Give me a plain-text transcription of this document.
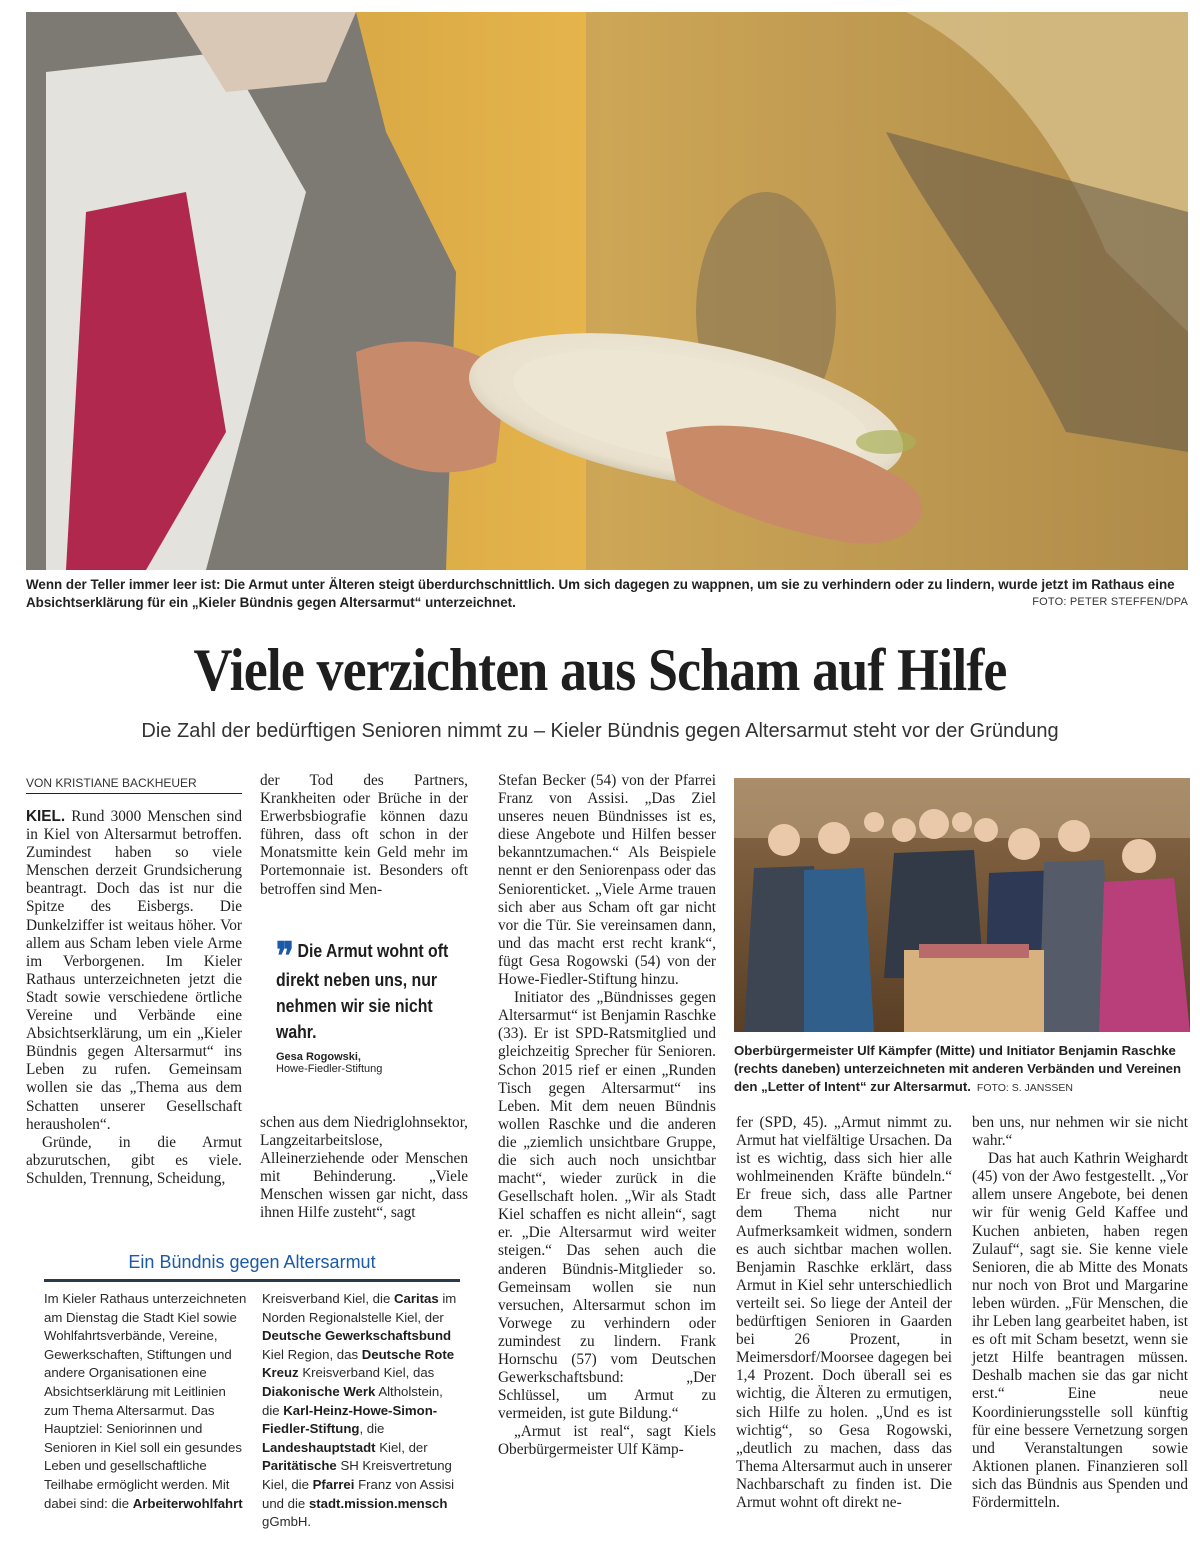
Wenn der Teller immer leer ist: Die Armut unter Älteren steigt überdurchschnittlich. Um sich dagegen zu wappnen, um sie zu verhindern oder zu lindern, wurde jetzt im Rathaus eine Absichtserklärung für ein „Kieler Bündnis gegen Altersarmut“ unterzeichnet.	FOTO: PETER STEFFEN/DPA
Viele verzichten aus Scham auf Hilfe
Die Zahl der bedürftigen Senioren nimmt zu – Kieler Bündnis gegen Altersarmut steht vor der Gründung
VON KRISTIANE BACKHEUER

KIEL. Rund 3000 Menschen sind in Kiel von Altersarmut betroffen. Zumindest haben so viele Menschen derzeit Grundsicherung beantragt. Doch das ist nur die Spitze des Eisbergs. Die Dunkelziffer ist weitaus höher. Vor allem aus Scham leben viele Arme im Verborgenen. Im Kieler Rathaus unterzeichneten jetzt die Stadt sowie verschiedene örtliche Vereine und Verbände eine Absichtserklärung, um ein „Kieler Bündnis gegen Altersarmut“ ins Leben zu rufen. Gemeinsam wollen sie das „Thema aus dem Schatten unserer Gesellschaft herausholen“.

Gründe, in die Armut abzurutschen, gibt es viele. Schulden, Trennung, Scheidung,

der Tod des Partners, Krankheiten oder Brüche in der Erwerbsbiografie können dazu führen, dass oft schon in der Monatsmitte kein Geld mehr im Portemonnaie ist. Besonders oft betroffen sind Men-

❞ Die Armut wohnt oft direkt neben uns, nur nehmen wir sie nicht wahr.
Gesa Rogowski,
Howe-Fiedler-Stiftung

schen aus dem Niedriglohnsektor, Langzeitarbeitslose, Alleinerziehende oder Menschen mit Behinderung. „Viele Menschen wissen gar nicht, dass ihnen Hilfe zusteht“, sagt

Stefan Becker (54) von der Pfarrei Franz von Assisi. „Das Ziel unseres neuen Bündnisses ist es, diese Angebote und Hilfen besser bekanntzumachen.“ Als Beispiele nennt er den Seniorenpass oder das Seniorenticket. „Viele Arme trauen sich aber aus Scham oft gar nicht vor die Tür. Sie vereinsamen dann, und das macht erst recht krank“, fügt Gesa Rogowski (54) von der Howe-Fiedler-Stiftung hinzu.

Initiator des „Bündnisses gegen Altersarmut“ ist Benjamin Raschke (33). Er ist SPD-Ratsmitglied und gleichzeitig Sprecher für Senioren. Schon 2015 rief er einen „Runden Tisch gegen Altersarmut“ ins Leben. Mit dem neuen Bündnis wollen Raschke und die anderen die „ziemlich unsichtbare Gruppe, die sich auch noch unsichtbar macht“, wieder zurück in die Gesellschaft holen. „Wir als Stadt Kiel schaffen es nicht allein“, sagt er. „Die Altersarmut wird weiter steigen.“ Das sehen auch die anderen Bündnis-Mitglieder so. Gemeinsam wollen sie nun versuchen, Altersarmut schon im Vorwege zu verhindern oder zumindest zu lindern. Frank Hornschu (57) vom Deutschen Gewerkschaftsbund: „Der Schlüssel, um Armut zu vermeiden, ist gute Bildung.“

„Armut ist real“, sagt Kiels Oberbürgermeister Ulf Kämp-

Oberbürgermeister Ulf Kämpfer (Mitte) und Initiator Benjamin Raschke (rechts daneben) unterzeichneten mit anderen Verbänden und Vereinen den „Letter of Intent“ zur Altersarmut. FOTO: S. JANSSEN

fer (SPD, 45). „Armut nimmt zu. Armut hat vielfältige Ursachen. Da ist es wichtig, dass sich hier alle wohlmeinenden Kräfte bündeln.“ Er freue sich, dass alle Partner dem Thema nicht nur Aufmerksamkeit widmen, sondern es auch sichtbar machen wollen. Benjamin Raschke erklärt, dass Armut in Kiel sehr unterschiedlich verteilt sei. So liege der Anteil der bedürftigen Senioren in Gaarden bei 26 Prozent, in Meimersdorf/Moorsee dagegen bei 1,4 Prozent. Doch überall sei es wichtig, die Älteren zu ermutigen, sich Hilfe zu holen. „Und es ist wichtig“, so Gesa Rogowski, „deutlich zu machen, dass das Thema Altersarmut auch in unserer Nachbarschaft zu finden ist. Die Armut wohnt oft direkt ne-

ben uns, nur nehmen wir sie nicht wahr.“

Das hat auch Kathrin Weighardt (45) von der Awo festgestellt. „Vor allem unsere Angebote, bei denen wir für wenig Geld Kaffee und Kuchen anbieten, haben regen Zulauf“, sagt sie. Sie kenne viele Senioren, die ab Mitte des Monats nur noch von Brot und Margarine leben würden. „Für Menschen, die ihr Leben lang gearbeitet haben, ist es oft mit Scham besetzt, wenn sie jetzt Hilfe beantragen müssen. Deshalb machen sie das gar nicht erst.“ Eine neue Koordinierungsstelle soll künftig für eine bessere Vernetzung sorgen und Veranstaltungen sowie Aktionen planen. Finanzieren soll sich das Bündnis aus Spenden und Fördermitteln.

Ein Bündnis gegen Altersarmut
Im Kieler Rathaus unterzeichneten am Dienstag die Stadt Kiel sowie Wohlfahrtsverbände, Vereine, Gewerkschaften, Stiftungen und andere Organisationen eine Absichtserklärung mit Leitlinien zum Thema Altersarmut. Das Hauptziel: Seniorinnen und Senioren in Kiel soll ein gesundes Leben und gesellschaftliche Teilhabe ermöglicht werden. Mit dabei sind: die Arbeiterwohlfahrt
Kreisverband Kiel, die Caritas im Norden Regionalstelle Kiel, der Deutsche Gewerkschaftsbund Kiel Region, das Deutsche Rote Kreuz Kreisverband Kiel, das Diakonische Werk Altholstein, die Karl-Heinz-Howe-Simon-Fiedler-Stiftung, die Landeshauptstadt Kiel, der Paritätische SH Kreisvertretung Kiel, die Pfarrei Franz von Assisi und die stadt.mission.mensch gGmbH.
